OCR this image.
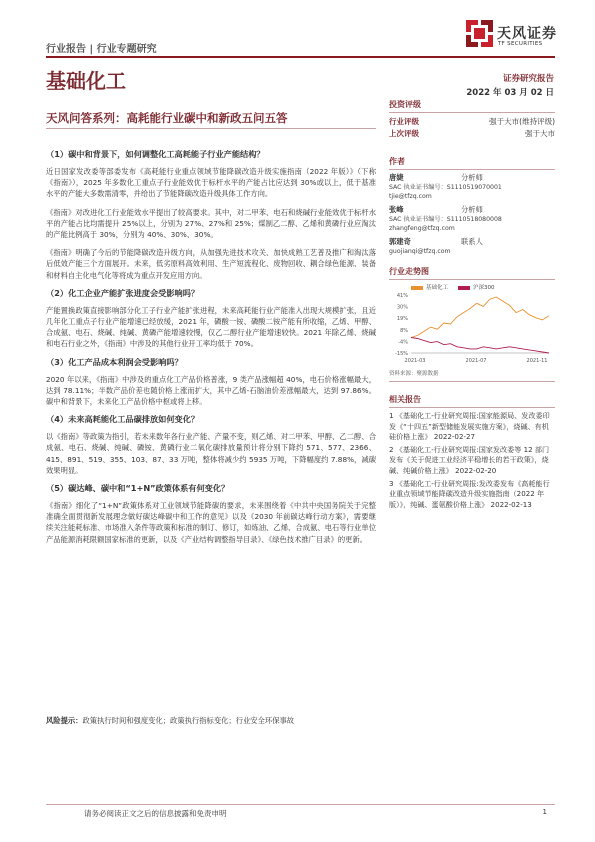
行业报告 | 行业专题研究
天风证券
TF SECURITIES
基础化工	证券研究报告
2022 年 03 月 02 日
天风问答系列：高耗能行业碳中和新政五问五答
（1）碳中和背景下，如何调整化工高耗能子行业产能结构？

近日国家发改委等部委发布《高耗能行业重点领域节能降碳改造升级实施指南（2022 年版）》（下称《指南》），2025 年多数化工重点子行业能效优于标杆水平的产能占比应达到 30%或以上，低于基准水平的产能大多数需清零，并给出了节能降碳改造升级具体工作方向。

《指南》对改进化工行业能效水平提出了较高要求。其中，对二甲苯、电石和烧碱行业能效优于标杆水平的产能占比均需提升 25%以上，分别为 27%、27%和 25%；煤制乙二醇、乙烯和黄磷行业应淘汰的产能比例高于 30%，分别为 40%、30%、30%。

《指南》明确了今后的节能降碳改造升级方向，从加强先进技术攻关、加快成熟工艺普及推广和淘汰落后低效产能三个方面展开。未来，低劣原料高效利用、生产短流程化、废物回收、耦合绿色能源、装备和材料自主化电气化等将成为重点开发应用方向。

（2）化工企业产能扩张进度会受影响吗？

产能置换政策直接影响部分化工子行业产能扩张进程，未来高耗能行业产能准入出现大规模扩张，且近几年化工重点子行业产能增速已经放缓，2021 年，磷酸一铵、磷酸二铵产能有所收缩，乙烯、甲醇、合成氨、电石、烧碱、纯碱、黄磷产能增速较慢，仅乙二醇行业产能增速较快。2021 年除乙烯、烧碱和电石行业之外，《指南》中涉及的其他行业开工率均低于 70%。

（3）化工产品成本利润会受影响吗？

2020 年以来，《指南》中涉及的重点化工产品价格普涨，9 类产品涨幅超 40%，电石价格涨幅最大，达到 78.11%；半数产品价差也随价格上涨而扩大，其中乙烯-石脑油价差涨幅最大，达到 97.86%。碳中和背景下，未来化工产品价格中枢或将上移。

（4）未来高耗能化工品碳排放如何变化？

以《指南》等政策为指引，若未来数年各行业产能、产量不变，则乙烯、对二甲苯、甲醇、乙二醇、合成氨、电石、烧碱、纯碱、磷铵、黄磷行业二氧化碳排放量预计将分别下降约 571、577、2366、415、891、519、355、103、87、33 万吨，整体将减少约 5935 万吨，下降幅度约 7.88%，减碳效果明显。

（5）碳达峰、碳中和“1+N”政策体系有何变化？

《指南》细化了“1+N”政策体系对工业领域节能降碳的要求，未来围绕着《中共中央国务院关于完整准确全面贯彻新发展理念做好碳达峰碳中和工作的意见》以及《2030 年前碳达峰行动方案》，需要继续关注能耗标准、市场准入条件等政策和标准的制订、修订，如炼油、乙烯、合成氨、电石等行业单位产品能源消耗限额国家标准的更新，以及《产业结构调整指导目录》、《绿色技术推广目录》的更新。

风险提示：政策执行时间和强度变化；政策执行指标变化；行业安全环保事故
投资评级
行业评级	强于大市(维持评级)
上次评级	强于大市
作者
唐婕	分析师
SAC 执业证书编号：S1110519070001
tjie@tfzq.com
张峰	分析师
SAC 执业证书编号：S1110518080008
zhangfeng@tfzq.com
郭建奇	联系人
guojianqi@tfzq.com
行业走势图
基础化工	沪深300
41%
30%
19%
8%
-4%
-15%
2021-03	2021-07	2021-11
资料来源：聚源数据
相关报告
1 《基础化工-行业研究周报:国家能源局、发改委印发《“十四五”新型储能发展实施方案》，烧碱、有机硅价格上涨》 2022-02-27
2 《基础化工-行业研究周报:国家发改委等 12 部门发布《关于促进工业经济平稳增长的若干政策》，烧碱、纯碱价格上涨》 2022-02-20
3 《基础化工-行业研究周报:发改委发布《高耗能行业重点领域节能降碳改造升级实施指南（2022 年版）》，纯碱、蛋氨酸价格上涨》 2022-02-13
请务必阅读正文之后的信息披露和免责申明	1
